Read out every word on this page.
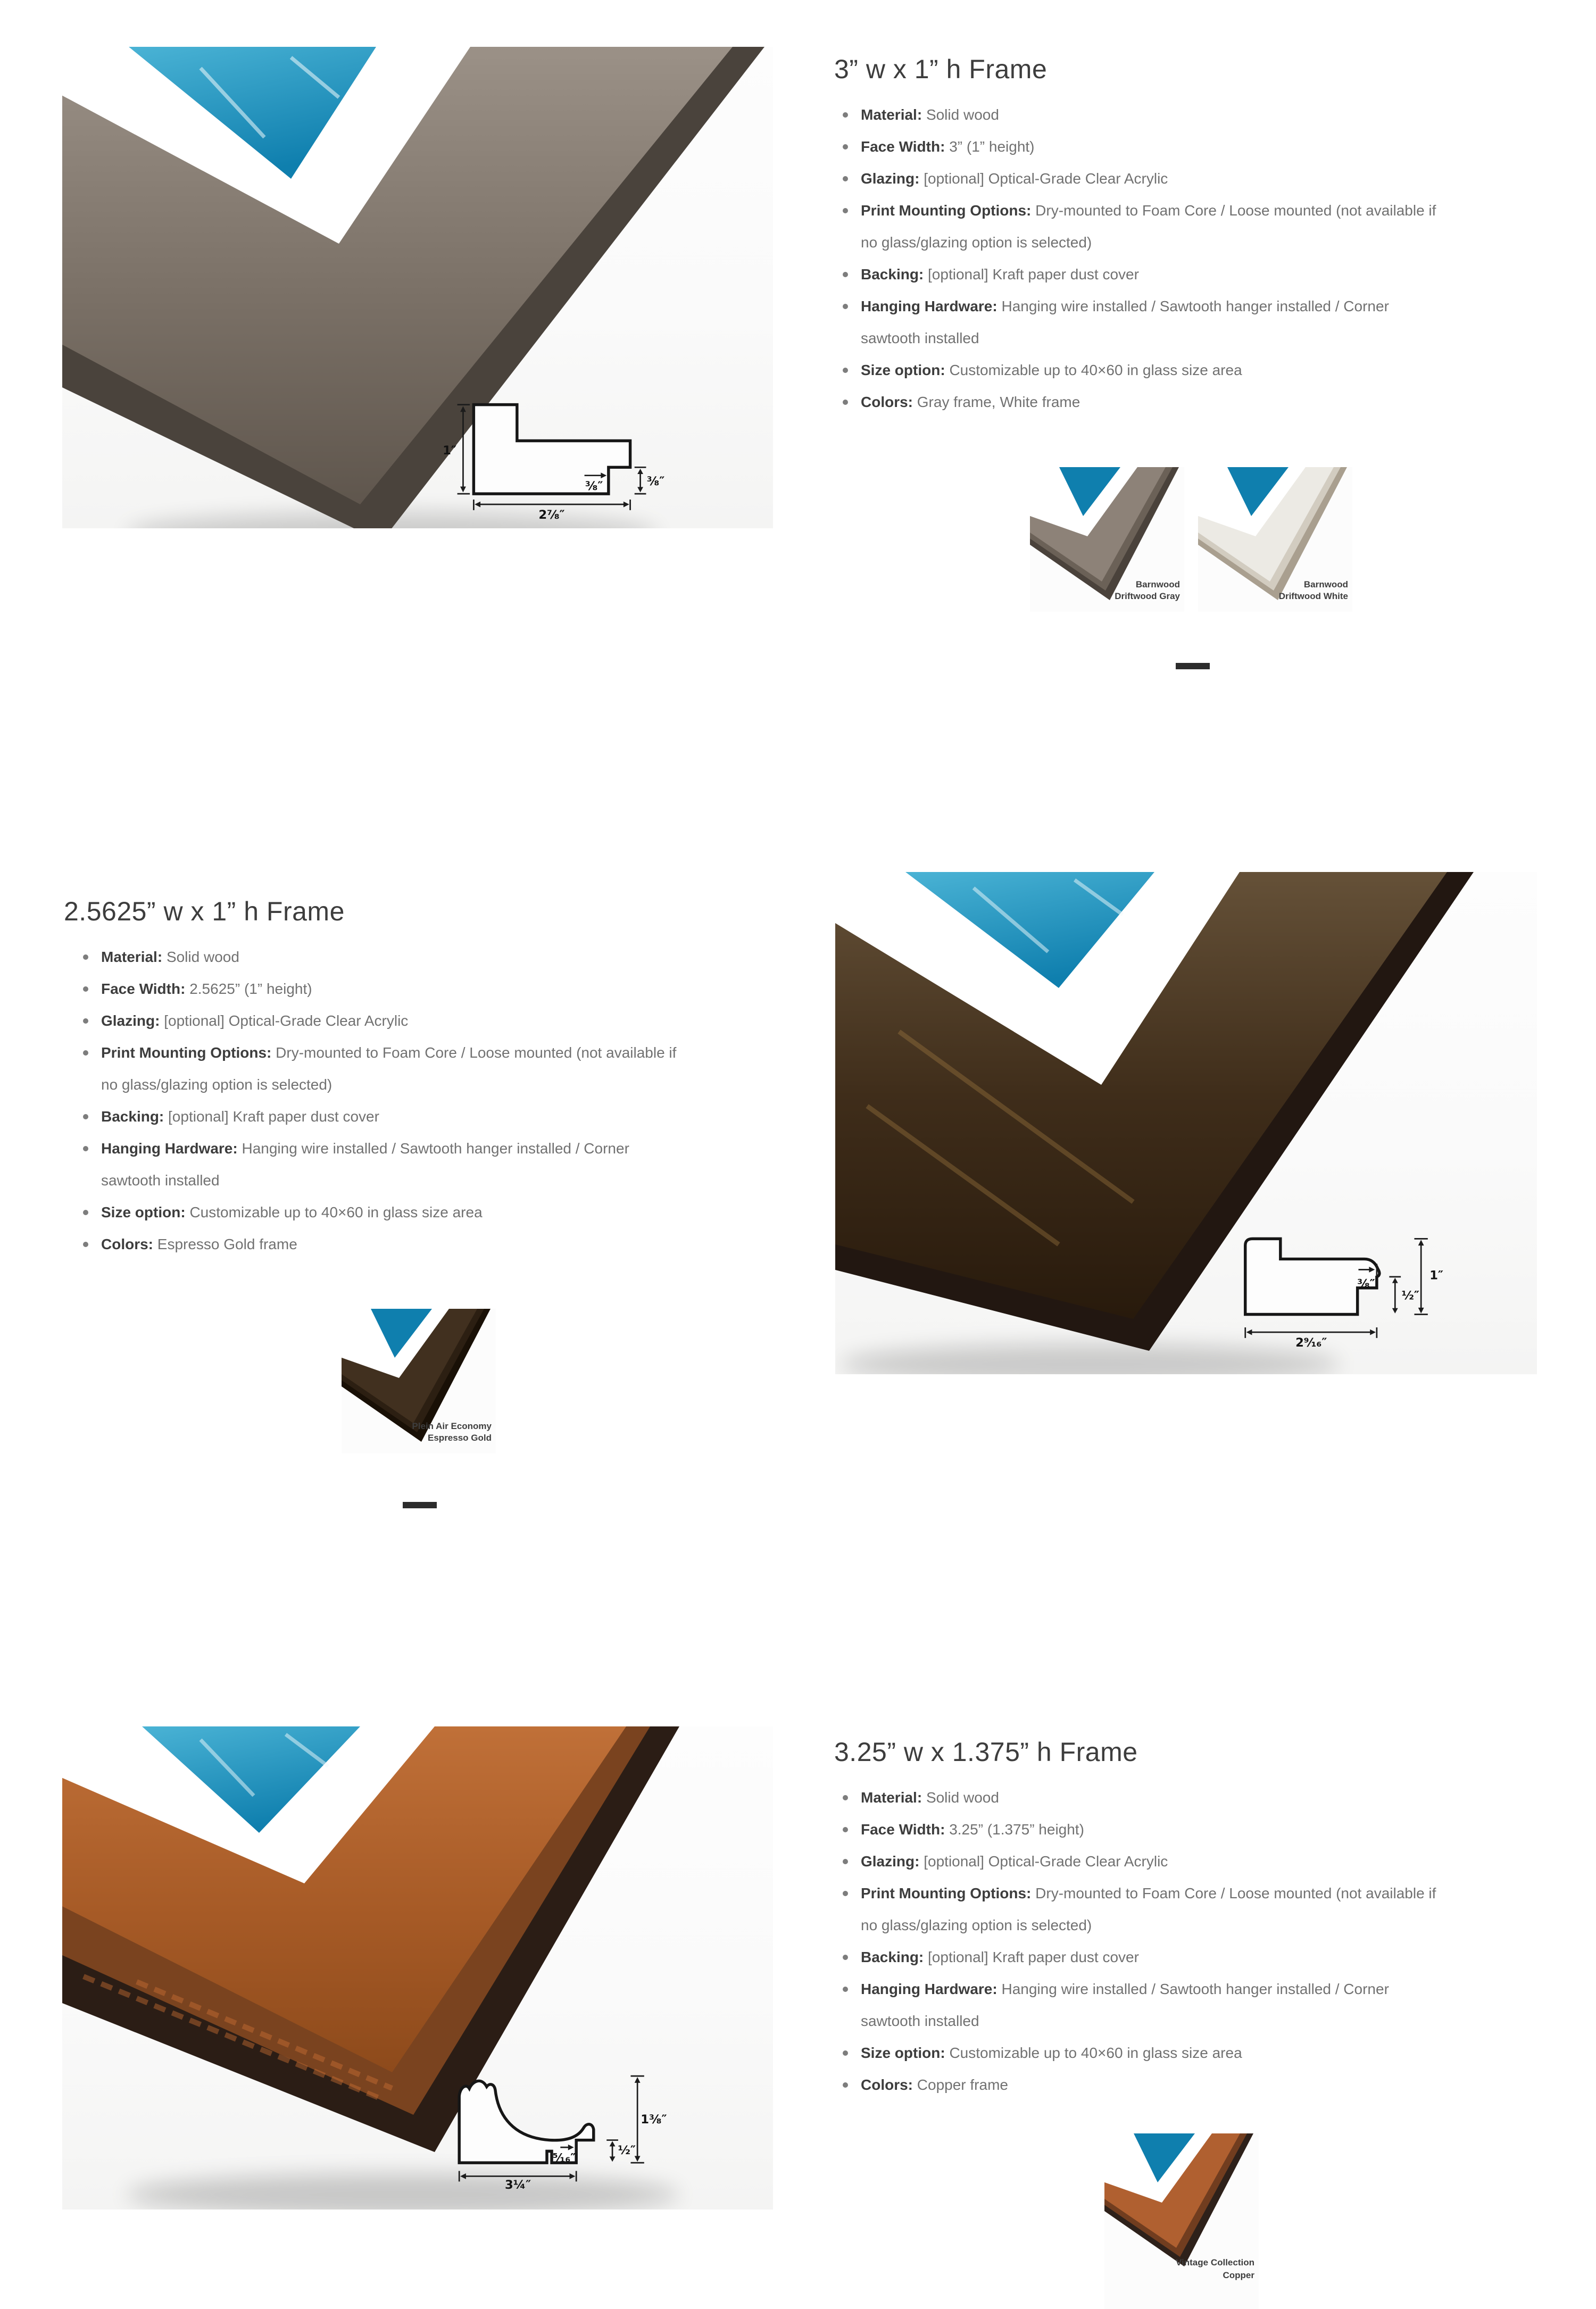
1″
2⅞″
⅜″	⅜″
3” w x 1” h Frame
Material: Solid wood
Face Width: 3” (1” height)
Glazing: [optional] Optical-Grade Clear Acrylic
Print Mounting Options: Dry-mounted to Foam Core / Loose mounted (not available if
no glass/glazing option is selected)
Backing: [optional] Kraft paper dust cover
Hanging Hardware: Hanging wire installed / Sawtooth hanger installed / Corner
sawtooth installed
Size option: Customizable up to 40×60 in glass size area
Colors: Gray frame, White frame
Barnwood
Driftwood Gray
Barnwood
Driftwood White
2.5625” w x 1” h Frame
Material: Solid wood
Face Width: 2.5625” (1” height)
Glazing: [optional] Optical-Grade Clear Acrylic
Print Mounting Options: Dry-mounted to Foam Core / Loose mounted (not available if
no glass/glazing option is selected)
Backing: [optional] Kraft paper dust cover
Hanging Hardware: Hanging wire installed / Sawtooth hanger installed / Corner
sawtooth installed
Size option: Customizable up to 40×60 in glass size area
Colors: Espresso Gold frame
1″
½″
⅜″
2⁹⁄₁₆″
Plein Air Economy
Espresso Gold
1⅜″
½″
⁵⁄₁₆″
3¼″
3.25” w x 1.375” h Frame
Material: Solid wood
Face Width: 3.25” (1.375” height)
Glazing: [optional] Optical-Grade Clear Acrylic
Print Mounting Options: Dry-mounted to Foam Core / Loose mounted (not available if
no glass/glazing option is selected)
Backing: [optional] Kraft paper dust cover
Hanging Hardware: Hanging wire installed / Sawtooth hanger installed / Corner
sawtooth installed
Size option: Customizable up to 40×60 in glass size area
Colors: Copper frame
Vintage Collection
Copper
